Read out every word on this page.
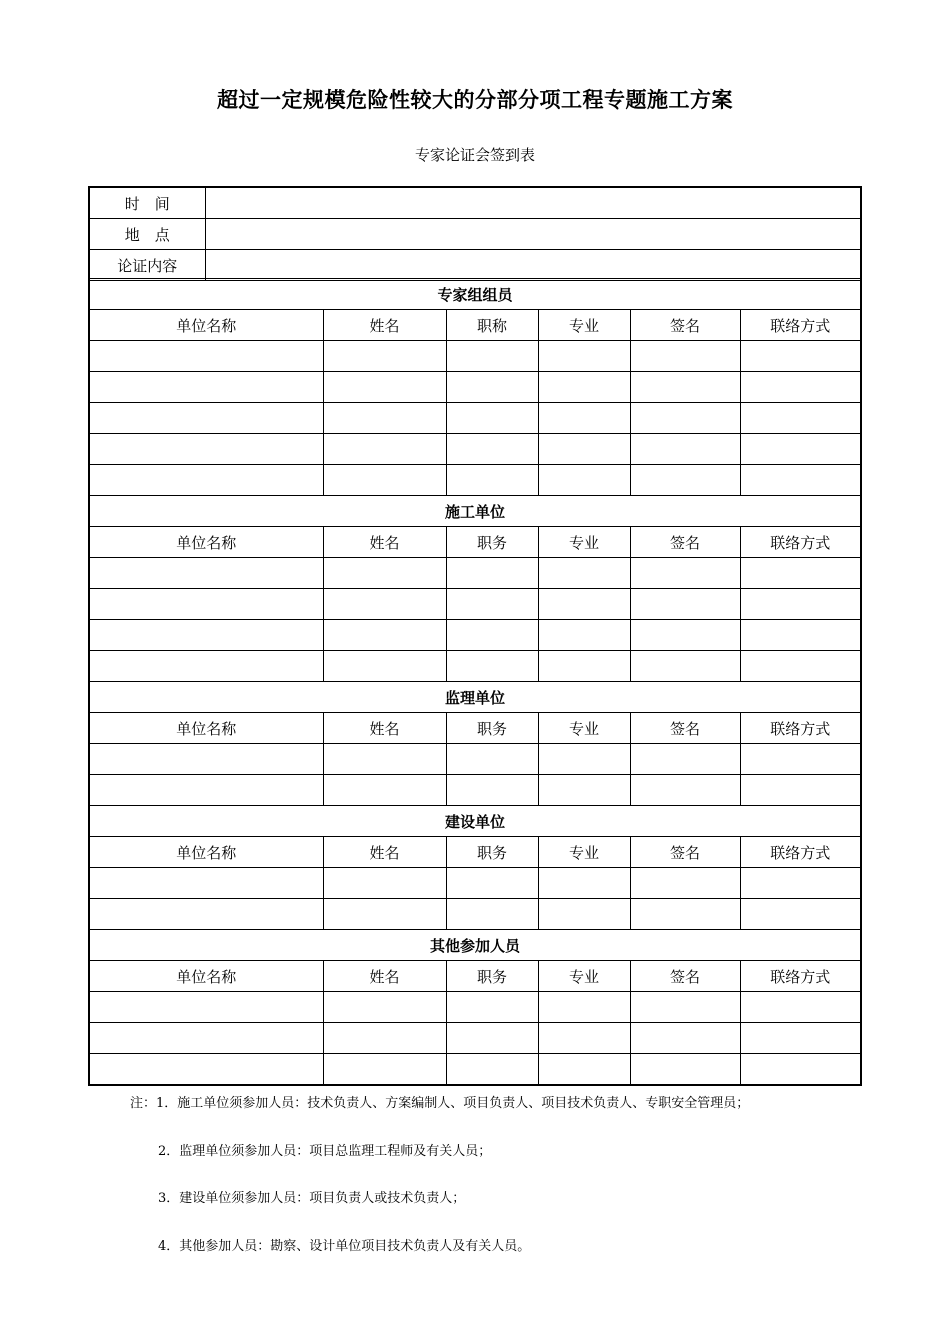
超过一定规模危险性较大的分部分项工程专题施工方案
专家论证会签到表
时　间	
地　点	
论证内容	
专家组组员					
单位名称	姓名	职称	专业	签名	联络方式

施工单位					
单位名称	姓名	职务	专业	签名	联络方式

监理单位					
单位名称	姓名	职务	专业	签名	联络方式

建设单位					
单位名称	姓名	职务	专业	签名	联络方式

其他参加人员					
单位名称	姓名	职务	专业	签名	联络方式

注：1．施工单位须参加人员：技术负责人、方案编制人、项目负责人、项目技术负责人、专职安全管理员；
2．监理单位须参加人员：项目总监理工程师及有关人员；
3．建设单位须参加人员：项目负责人或技术负责人；
4．其他参加人员：勘察、设计单位项目技术负责人及有关人员。
